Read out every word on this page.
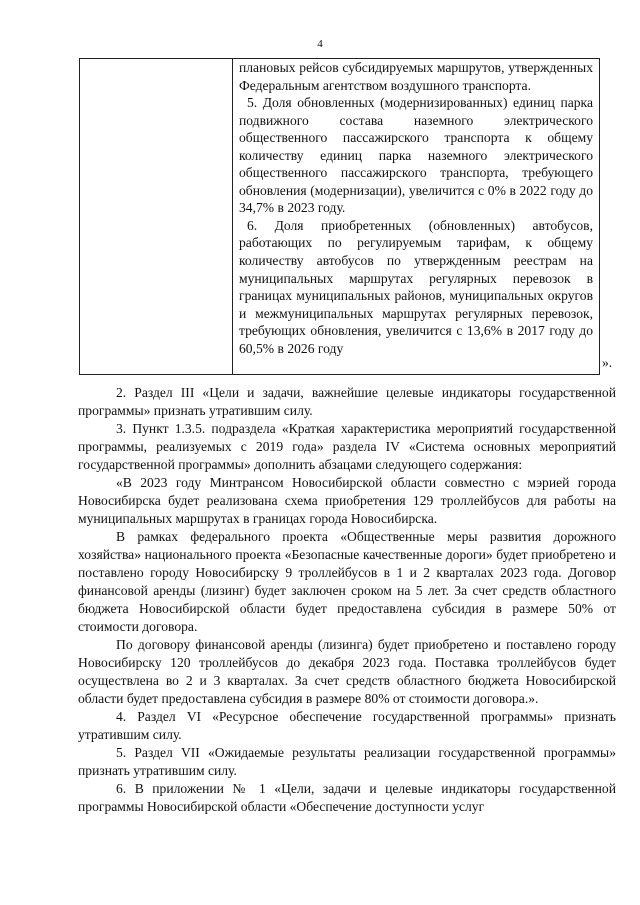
4

плановых рейсов субсидируемых маршрутов, утвержденных Федеральным агентством воздушного транспорта.

5. Доля обновленных (модернизированных) единиц парка подвижного состава наземного электрического общественного пассажирского транспорта к общему количеству единиц парка наземного электрического общественного пассажирского транспорта, требующего обновления (модернизации), увеличится с 0% в 2022 году до 34,7% в 2023 году.

6. Доля приобретенных (обновленных) автобусов, работающих по регулируемым тарифам, к общему количеству автобусов по утвержденным реестрам на муниципальных маршрутах регулярных перевозок в границах муниципальных районов, муниципальных округов и межмуниципальных маршрутах регулярных перевозок, требующих обновления, увеличится с 13,6% в 2017 году до 60,5% в 2026 году

».

2. Раздел III «Цели и задачи, важнейшие целевые индикаторы государственной программы» признать утратившим силу.

3. Пункт 1.3.5. подраздела «Краткая характеристика мероприятий государственной программы, реализуемых с 2019 года» раздела IV «Система основных мероприятий государственной программы» дополнить абзацами следующего содержания:

«В 2023 году Минтрансом Новосибирской области совместно с мэрией города Новосибирска будет реализована схема приобретения 129 троллейбусов для работы на муниципальных маршрутах в границах города Новосибирска.

В рамках федерального проекта «Общественные меры развития дорожного хозяйства» национального проекта «Безопасные качественные дороги» будет приобретено и поставлено городу Новосибирску 9 троллейбусов в 1 и 2 кварталах 2023 года. Договор финансовой аренды (лизинг) будет заключен сроком на 5 лет. За счет средств областного бюджета Новосибирской области будет предоставлена субсидия в размере 50% от стоимости договора.

По договору финансовой аренды (лизинга) будет приобретено и поставлено городу Новосибирску 120 троллейбусов до декабря 2023 года. Поставка троллейбусов будет осуществлена во 2 и 3 кварталах. За счет средств областного бюджета Новосибирской области будет предоставлена субсидия в размере 80% от стоимости договора.».

4. Раздел VI «Ресурсное обеспечение государственной программы» признать утратившим силу.

5. Раздел VII «Ожидаемые результаты реализации государственной программы» признать утратившим силу.

6. В приложении № 1 «Цели, задачи и целевые индикаторы государственной программы Новосибирской области «Обеспечение доступности услуг
